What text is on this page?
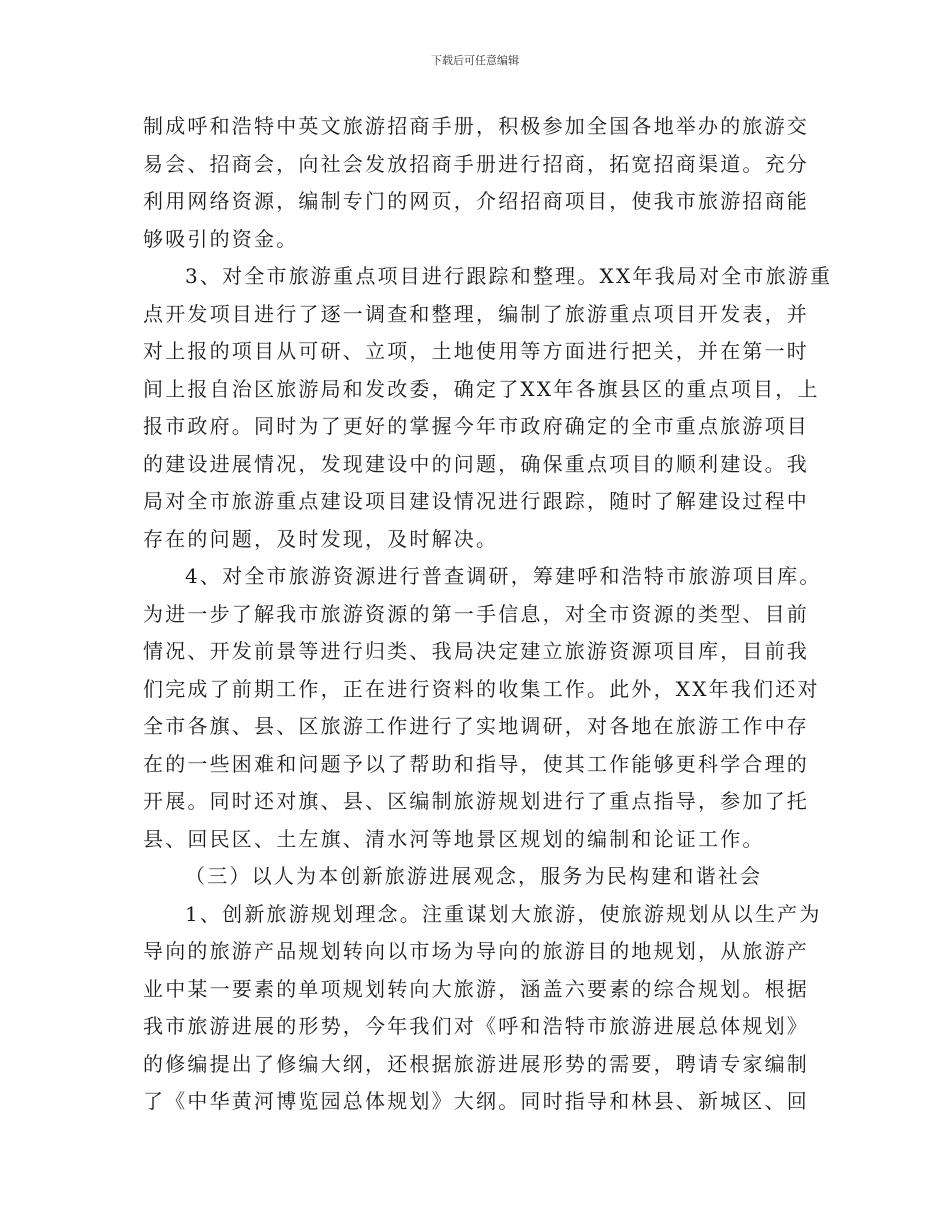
下载后可任意编辑
制成呼和浩特中英文旅游招商手册，积极参加全国各地举办的旅游交
易会、招商会，向社会发放招商手册进行招商，拓宽招商渠道。充分
利用网络资源，编制专门的网页，介绍招商项目，使我市旅游招商能
够吸引的资金。
3、对全市旅游重点项目进行跟踪和整理。XX年我局对全市旅游重
点开发项目进行了逐一调查和整理，编制了旅游重点项目开发表，并
对上报的项目从可研、立项，土地使用等方面进行把关，并在第一时
间上报自治区旅游局和发改委，确定了XX年各旗县区的重点项目，上
报市政府。同时为了更好的掌握今年市政府确定的全市重点旅游项目
的建设进展情况，发现建设中的问题，确保重点项目的顺利建设。我
局对全市旅游重点建设项目建设情况进行跟踪，随时了解建设过程中
存在的问题，及时发现，及时解决。
4、对全市旅游资源进行普查调研，筹建呼和浩特市旅游项目库。
为进一步了解我市旅游资源的第一手信息，对全市资源的类型、目前
情况、开发前景等进行归类、我局决定建立旅游资源项目库，目前我
们完成了前期工作，正在进行资料的收集工作。此外，XX年我们还对
全市各旗、县、区旅游工作进行了实地调研，对各地在旅游工作中存
在的一些困难和问题予以了帮助和指导，使其工作能够更科学合理的
开展。同时还对旗、县、区编制旅游规划进行了重点指导，参加了托
县、回民区、土左旗、清水河等地景区规划的编制和论证工作。
（三）以人为本创新旅游进展观念，服务为民构建和谐社会
1、创新旅游规划理念。注重谋划大旅游，使旅游规划从以生产为
导向的旅游产品规划转向以市场为导向的旅游目的地规划，从旅游产
业中某一要素的单项规划转向大旅游，涵盖六要素的综合规划。根据
我市旅游进展的形势，今年我们对《呼和浩特市旅游进展总体规划》
的修编提出了修编大纲，还根据旅游进展形势的需要，聘请专家编制
了《中华黄河博览园总体规划》大纲。同时指导和林县、新城区、回
